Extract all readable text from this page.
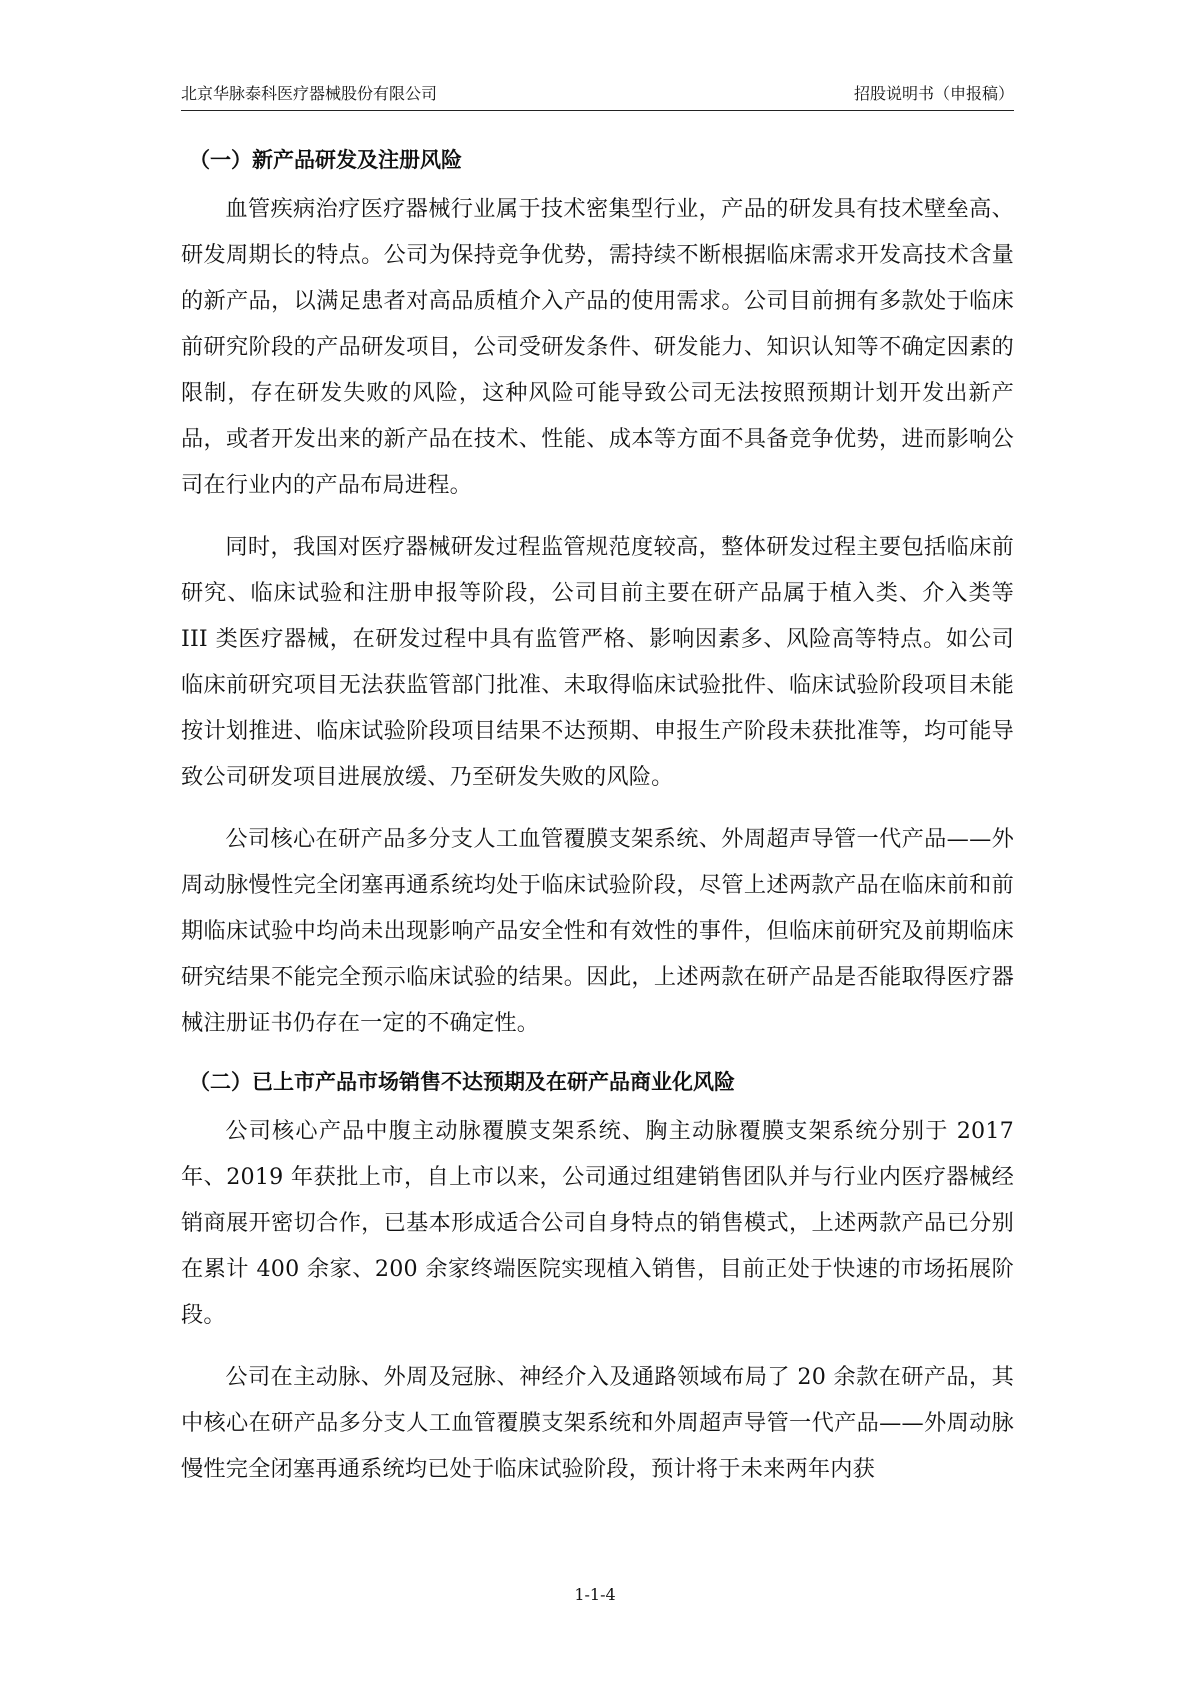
北京华脉泰科医疗器械股份有限公司	招股说明书（申报稿）
（一）新产品研发及注册风险

血管疾病治疗医疗器械行业属于技术密集型行业，产品的研发具有技术壁垒高、研发周期长的特点。公司为保持竞争优势，需持续不断根据临床需求开发高技术含量的新产品，以满足患者对高品质植介入产品的使用需求。公司目前拥有多款处于临床前研究阶段的产品研发项目，公司受研发条件、研发能力、知识认知等不确定因素的限制，存在研发失败的风险，这种风险可能导致公司无法按照预期计划开发出新产品，或者开发出来的新产品在技术、性能、成本等方面不具备竞争优势，进而影响公司在行业内的产品布局进程。

同时，我国对医疗器械研发过程监管规范度较高，整体研发过程主要包括临床前研究、临床试验和注册申报等阶段，公司目前主要在研产品属于植入类、介入类等 III 类医疗器械，在研发过程中具有监管严格、影响因素多、风险高等特点。如公司临床前研究项目无法获监管部门批准、未取得临床试验批件、临床试验阶段项目未能按计划推进、临床试验阶段项目结果不达预期、申报生产阶段未获批准等，均可能导致公司研发项目进展放缓、乃至研发失败的风险。

公司核心在研产品多分支人工血管覆膜支架系统、外周超声导管一代产品——外周动脉慢性完全闭塞再通系统均处于临床试验阶段，尽管上述两款产品在临床前和前期临床试验中均尚未出现影响产品安全性和有效性的事件，但临床前研究及前期临床研究结果不能完全预示临床试验的结果。因此，上述两款在研产品是否能取得医疗器械注册证书仍存在一定的不确定性。

（二）已上市产品市场销售不达预期及在研产品商业化风险

公司核心产品中腹主动脉覆膜支架系统、胸主动脉覆膜支架系统分别于 2017 年、2019 年获批上市，自上市以来，公司通过组建销售团队并与行业内医疗器械经销商展开密切合作，已基本形成适合公司自身特点的销售模式，上述两款产品已分别在累计 400 余家、200 余家终端医院实现植入销售，目前正处于快速的市场拓展阶段。

公司在主动脉、外周及冠脉、神经介入及通路领域布局了 20 余款在研产品，其中核心在研产品多分支人工血管覆膜支架系统和外周超声导管一代产品——外周动脉慢性完全闭塞再通系统均已处于临床试验阶段，预计将于未来两年内获

1-1-4
